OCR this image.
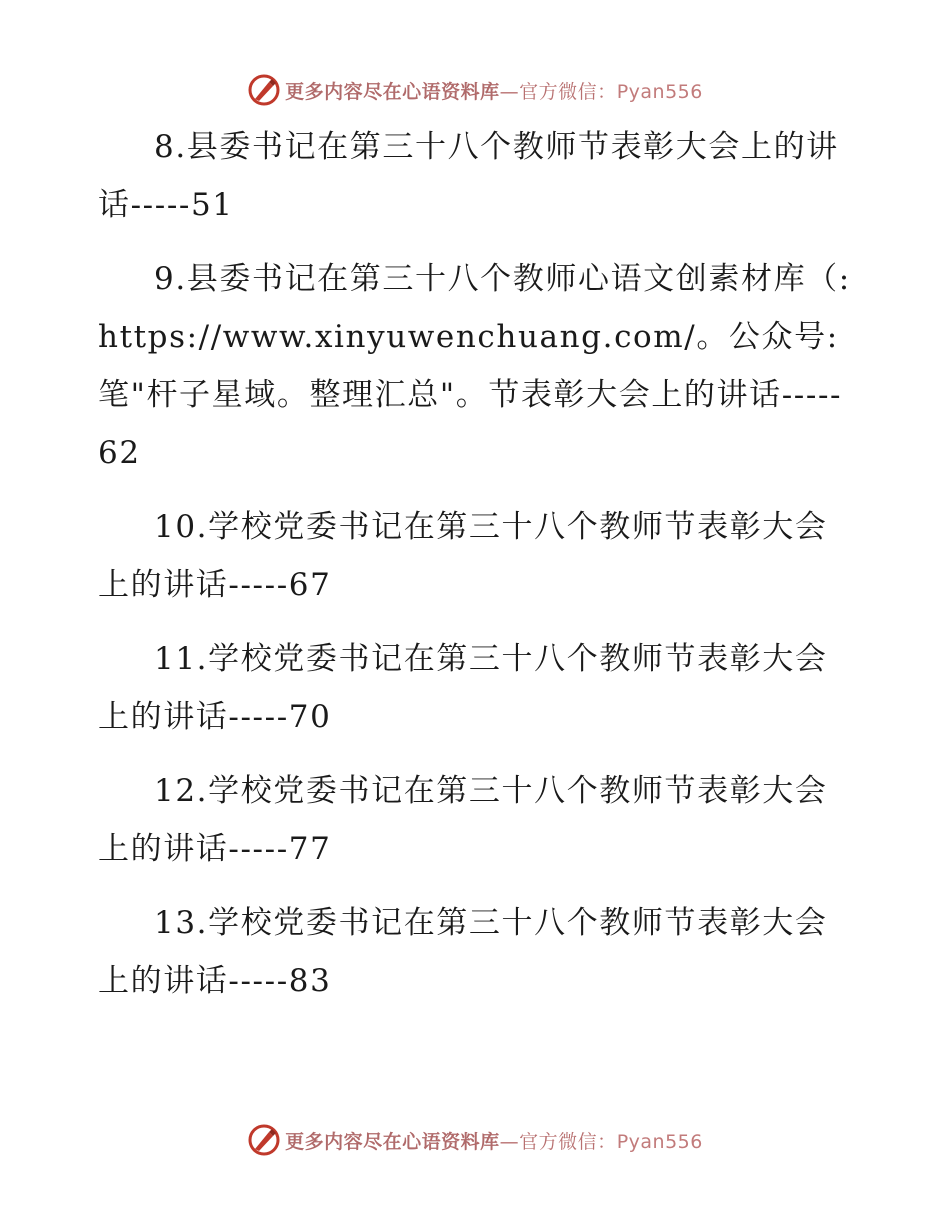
更多内容尽在心语资料库—官方微信：Pyan556

8.县委书记在第三十八个教师节表彰大会上的讲话-----51

9.县委书记在第三十八个教师心语文创素材库（: https://www.xinyuwenchuang.com/。公众号: 笔"杆子星域。整理汇总"。节表彰大会上的讲话-----62

10.学校党委书记在第三十八个教师节表彰大会上的讲话-----67

11.学校党委书记在第三十八个教师节表彰大会上的讲话-----70

12.学校党委书记在第三十八个教师节表彰大会上的讲话-----77

13.学校党委书记在第三十八个教师节表彰大会上的讲话-----83

更多内容尽在心语资料库—官方微信：Pyan556
